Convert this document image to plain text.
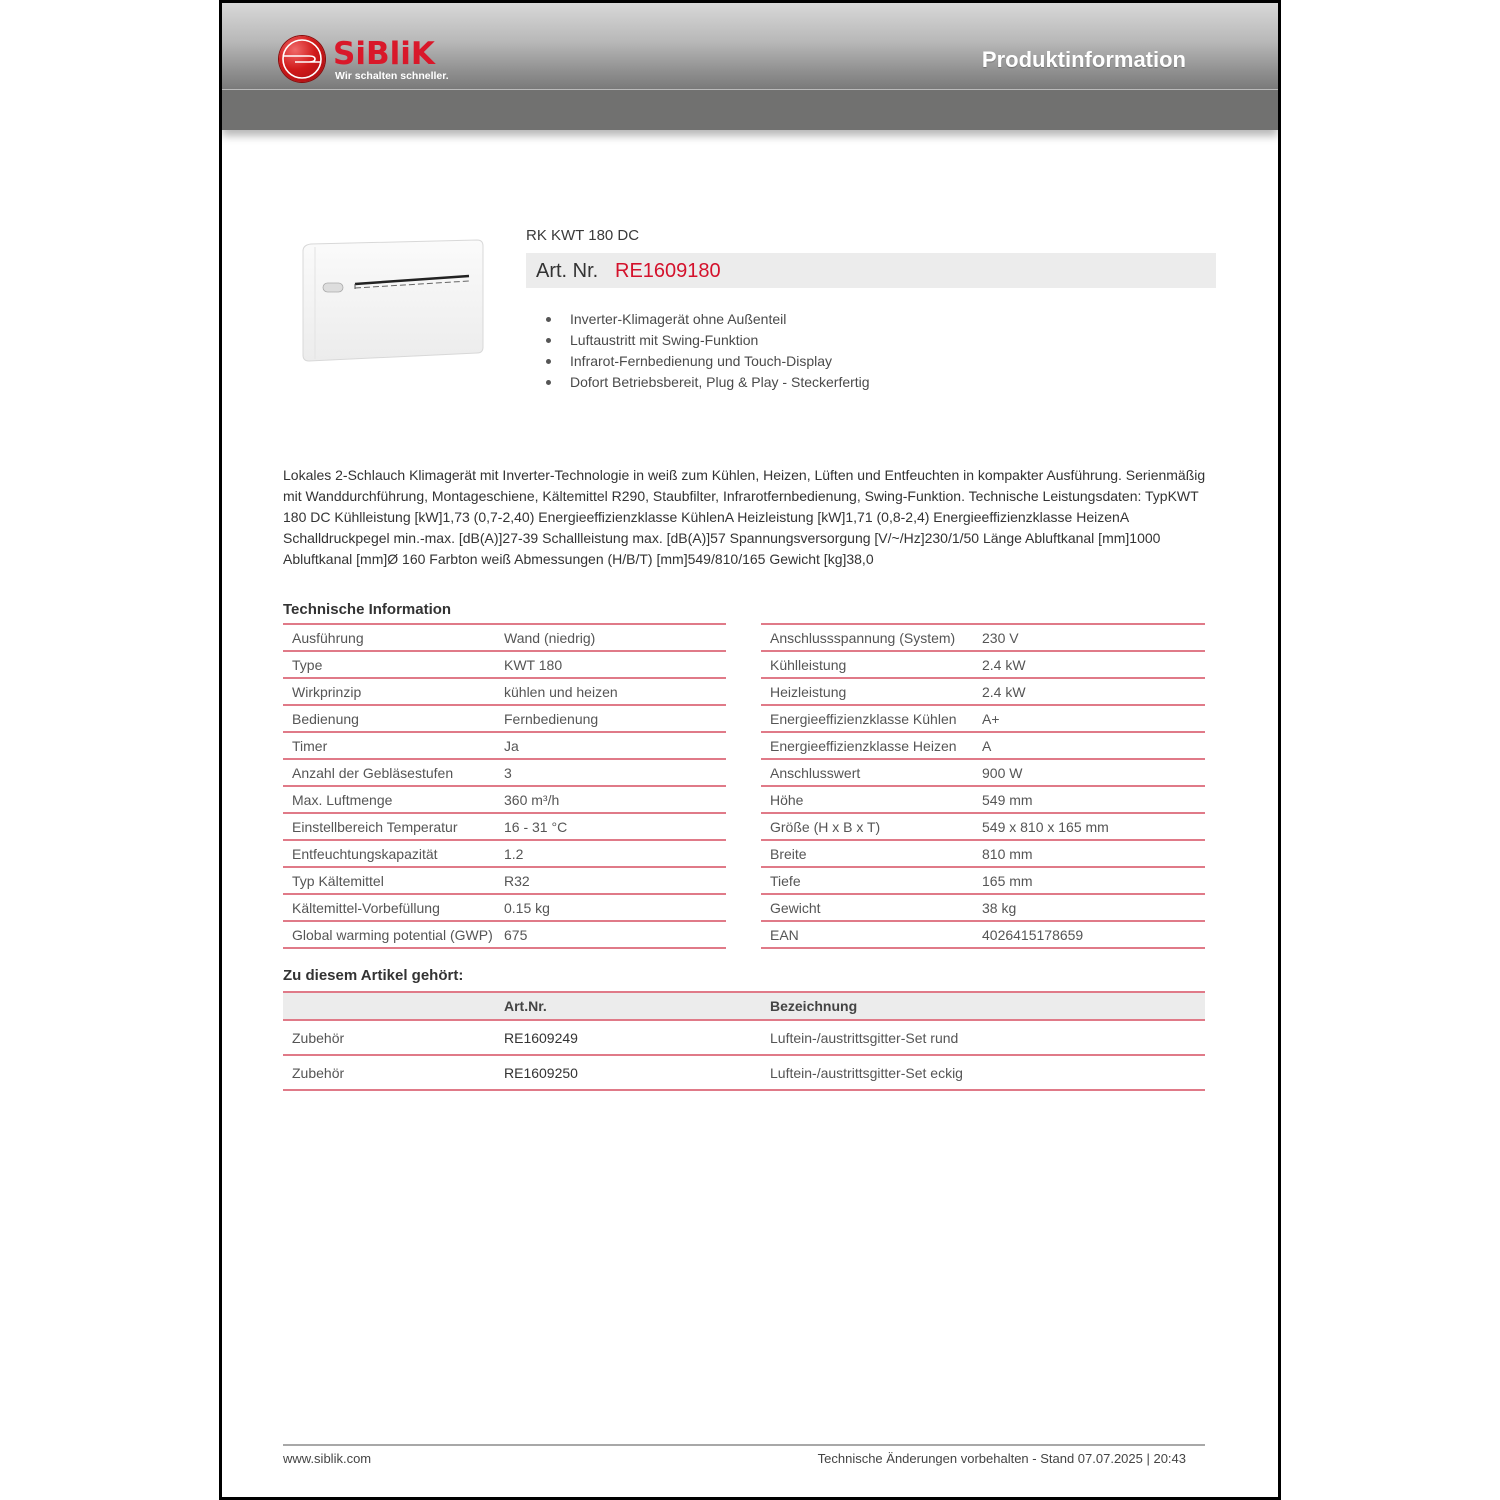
SiBliK
Wir schalten schneller.
Produktinformation
RK KWT 180 DC
Art. Nr. RE1609180
Inverter-Klimagerät ohne Außenteil
Luftaustritt mit Swing-Funktion
Infrarot-Fernbedienung und Touch-Display
Dofort Betriebsbereit, Plug & Play - Steckerfertig
Lokales 2-Schlauch Klimagerät mit Inverter-Technologie in weiß zum Kühlen, Heizen, Lüften und Entfeuchten in kompakter Ausführung. Serienmäßig mit Wanddurchführung, Montageschiene, Kältemittel R290, Staubfilter, Infrarotfernbedienung, Swing-Funktion. Technische Leistungsdaten: TypKWT 180 DC Kühlleistung [kW]1,73 (0,7-2,40) Energieeffizienzklasse KühlenA Heizleistung [kW]1,71 (0,8-2,4) Energieeffizienzklasse HeizenA Schalldruckpegel min.-max. [dB(A)]27-39 Schallleistung max. [dB(A)]57 Spannungsversorgung [V/~/Hz]230/1/50 Länge Abluftkanal [mm]1000 Abluftkanal [mm]Ø 160 Farbton weiß Abmessungen (H/B/T) [mm]549/810/165 Gewicht [kg]38,0
Technische Information
Ausführung	Wand (niedrig)
Type	KWT 180
Wirkprinzip	kühlen und heizen
Bedienung	Fernbedienung
Timer	Ja
Anzahl der Gebläsestufen	3
Max. Luftmenge	360 m³/h
Einstellbereich Temperatur	16 - 31 °C
Entfeuchtungskapazität	1.2
Typ Kältemittel	R32
Kältemittel-Vorbefüllung	0.15 kg
Global warming potential (GWP)	675
Anschlussspannung (System)	230 V
Kühlleistung	2.4 kW
Heizleistung	2.4 kW
Energieeffizienzklasse Kühlen	A+
Energieeffizienzklasse Heizen	A
Anschlusswert	900 W
Höhe	549 mm
Größe (H x B x T)	549 x 810 x 165 mm
Breite	810 mm
Tiefe	165 mm
Gewicht	38 kg
EAN	4026415178659
Zu diesem Artikel gehört:
	Art.Nr.	Bezeichnung
Zubehör	RE1609249	Luftein-/austrittsgitter-Set rund
Zubehör	RE1609250	Luftein-/austrittsgitter-Set eckig
www.siblik.com	Technische Änderungen vorbehalten - Stand 07.07.2025 | 20:43
